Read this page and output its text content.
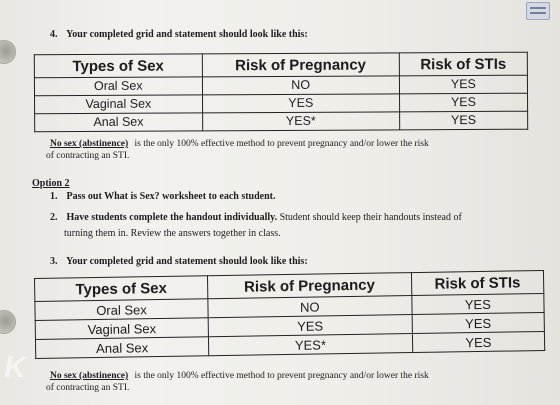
4. Your completed grid and statement should look like this:
Types of Sex	Risk of Pregnancy	Risk of STIs
Oral Sex	NO	YES
Vaginal Sex	YES	YES
Anal Sex	YES*	YES
No sex (abstinence) is the only 100% effective method to prevent pregnancy and/or lower the risk
of contracting an STI.
Option 2
1. Pass out What is Sex? worksheet to each student.
2. Have students complete the handout individually. Student should keep their handouts instead of
turning them in. Review the answers together in class.
3. Your completed grid and statement should look like this:
Types of Sex	Risk of Pregnancy	Risk of STIs
Oral Sex	NO	YES
Vaginal Sex	YES	YES
Anal Sex	YES*	YES
No sex (abstinence) is the only 100% effective method to prevent pregnancy and/or lower the risk
of contracting an STI.
K
